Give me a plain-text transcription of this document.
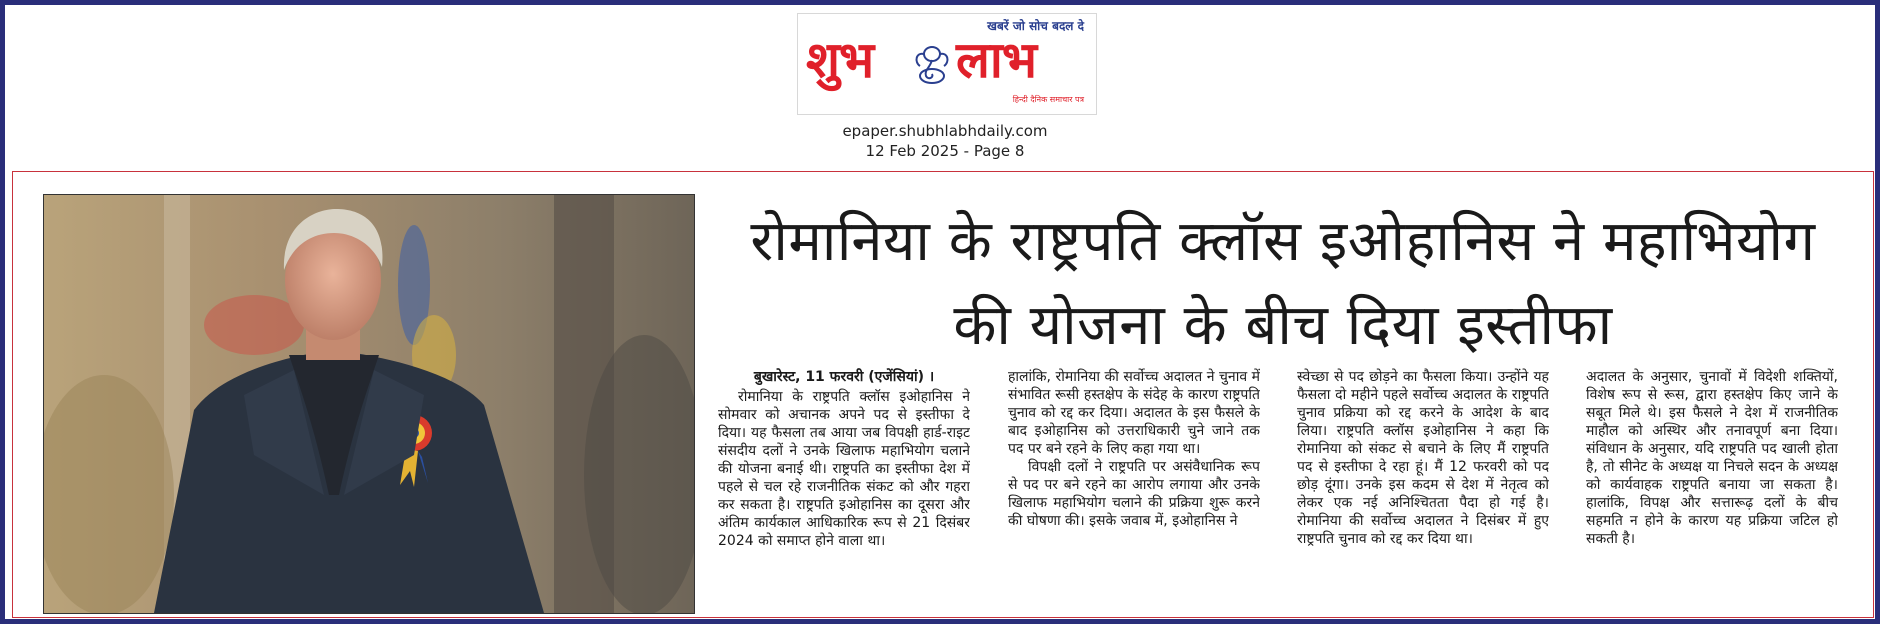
खबरें जो सोच बदल दे
शुभ लाभ
हिन्दी दैनिक समाचार पत्र
epaper.shubhlabhdaily.com
12 Feb 2025 - Page 8
रोमानिया के राष्ट्रपति क्लॉस इओहानिस ने महाभियोग की योजना के बीच दिया इस्तीफा
बुखारेस्ट, 11 फरवरी (एजेंसियां) ।

रोमानिया के राष्ट्रपति क्लॉस इओहानिस ने सोमवार को अचानक अपने पद से इस्तीफा दे दिया। यह फैसला तब आया जब विपक्षी हार्ड-राइट संसदीय दलों ने उनके खिलाफ महाभियोग चलाने की योजना बनाई थी। राष्ट्रपति का इस्तीफा देश में पहले से चल रहे राजनीतिक संकट को और गहरा कर सकता है। राष्ट्रपति इओहानिस का दूसरा और अंतिम कार्यकाल आधिकारिक रूप से 21 दिसंबर 2024 को समाप्त होने वाला था।

हालांकि, रोमानिया की सर्वोच्च अदालत ने चुनाव में संभावित रूसी हस्तक्षेप के संदेह के कारण राष्ट्रपति चुनाव को रद्द कर दिया। अदालत के इस फैसले के बाद इओहानिस को उत्तराधिकारी चुने जाने तक पद पर बने रहने के लिए कहा गया था।

विपक्षी दलों ने राष्ट्रपति पर असंवैधानिक रूप से पद पर बने रहने का आरोप लगाया और उनके खिलाफ महाभियोग चलाने की प्रक्रिया शुरू करने की घोषणा की। इसके जवाब में, इओहानिस ने

स्वेच्छा से पद छोड़ने का फैसला किया। उन्होंने यह फैसला दो महीने पहले सर्वोच्च अदालत के राष्ट्रपति चुनाव प्रक्रिया को रद्द करने के आदेश के बाद लिया। राष्ट्रपति क्लॉस इओहानिस ने कहा कि रोमानिया को संकट से बचाने के लिए मैं राष्ट्रपति पद से इस्तीफा दे रहा हूं। मैं 12 फरवरी को पद छोड़ दूंगा। उनके इस कदम से देश में नेतृत्व को लेकर एक नई अनिश्चितता पैदा हो गई है। रोमानिया की सर्वोच्च अदालत ने दिसंबर में हुए राष्ट्रपति चुनाव को रद्द कर दिया था।

अदालत के अनुसार, चुनावों में विदेशी शक्तियों, विशेष रूप से रूस, द्वारा हस्तक्षेप किए जाने के सबूत मिले थे। इस फैसले ने देश में राजनीतिक माहौल को अस्थिर और तनावपूर्ण बना दिया। संविधान के अनुसार, यदि राष्ट्रपति पद खाली होता है, तो सीनेट के अध्यक्ष या निचले सदन के अध्यक्ष को कार्यवाहक राष्ट्रपति बनाया जा सकता है। हालांकि, विपक्ष और सत्तारूढ़ दलों के बीच सहमति न होने के कारण यह प्रक्रिया जटिल हो सकती है।
